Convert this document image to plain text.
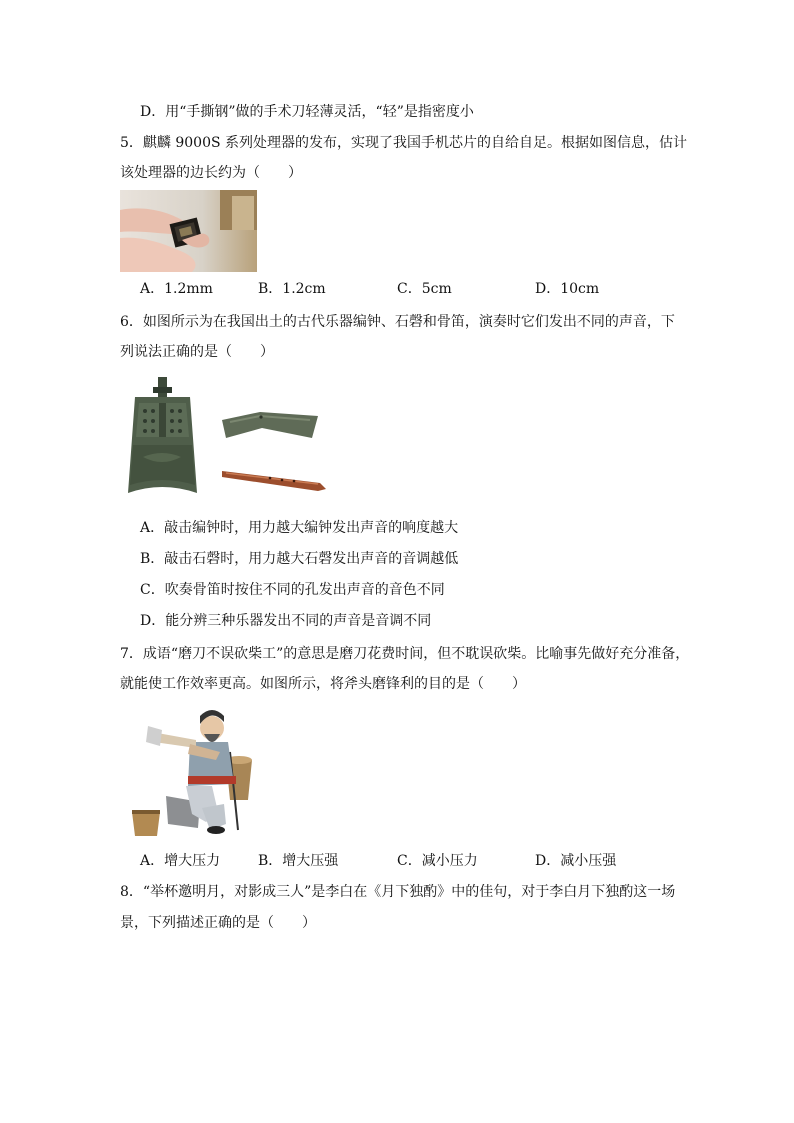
D．用“手撕钢”做的手术刀轻薄灵活，“轻”是指密度小
5．麒麟 9000S 系列处理器的发布，实现了我国手机芯片的自给自足。根据如图信息，估计
该处理器的边长约为（　　）
A．1.2mm	B．1.2cm	C．5cm	D．10cm
6．如图所示为在我国出土的古代乐器编钟、石磬和骨笛，演奏时它们发出不同的声音，下
列说法正确的是（　　）
A．敲击编钟时，用力越大编钟发出声音的响度越大
B．敲击石磬时，用力越大石磬发出声音的音调越低
C．吹奏骨笛时按住不同的孔发出声音的音色不同
D．能分辨三种乐器发出不同的声音是音调不同
7．成语“磨刀不误砍柴工”的意思是磨刀花费时间，但不耽误砍柴。比喻事先做好充分准备，
就能使工作效率更高。如图所示，将斧头磨锋利的目的是（　　）
A．增大压力	B．增大压强	C．减小压力	D．减小压强
8．“举杯邀明月，对影成三人”是李白在《月下独酌》中的佳句，对于李白月下独酌这一场
景，下列描述正确的是（　　）
